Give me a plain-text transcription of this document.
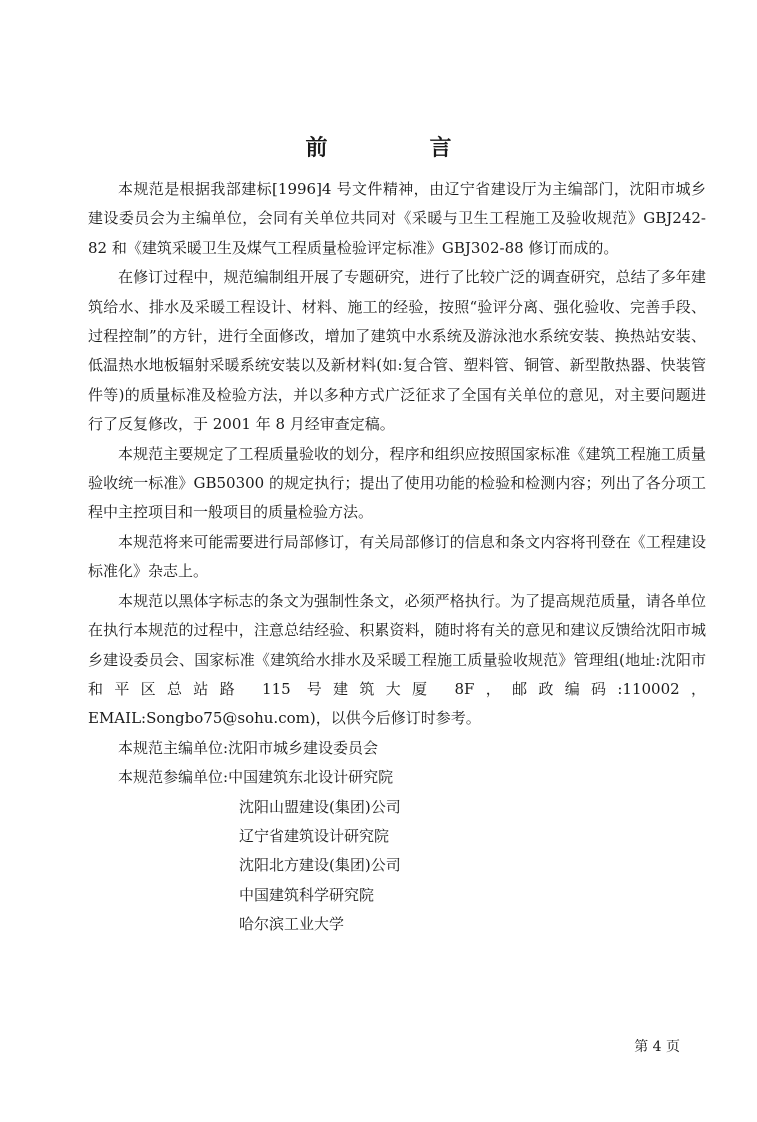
前　言

本规范是根据我部建标[1996]4 号文件精神，由辽宁省建设厅为主编部门，沈阳市城乡建设委员会为主编单位，会同有关单位共同对《采暖与卫生工程施工及验收规范》GBJ242-82 和《建筑采暖卫生及煤气工程质量检验评定标准》GBJ302-88 修订而成的。

在修订过程中，规范编制组开展了专题研究，进行了比较广泛的调查研究，总结了多年建筑给水、排水及采暖工程设计、材料、施工的经验，按照“验评分离、强化验收、完善手段、过程控制”的方针，进行全面修改，增加了建筑中水系统及游泳池水系统安装、换热站安装、低温热水地板辐射采暖系统安装以及新材料(如:复合管、塑料管、铜管、新型散热器、快装管件等)的质量标准及检验方法，并以多种方式广泛征求了全国有关单位的意见，对主要问题进行了反复修改，于 2001 年 8 月经审查定稿。

本规范主要规定了工程质量验收的划分，程序和组织应按照国家标准《建筑工程施工质量验收统一标准》GB50300 的规定执行；提出了使用功能的检验和检测内容；列出了各分项工程中主控项目和一般项目的质量检验方法。

本规范将来可能需要进行局部修订，有关局部修订的信息和条文内容将刊登在《工程建设标准化》杂志上。

本规范以黑体字标志的条文为强制性条文，必须严格执行。为了提高规范质量，请各单位在执行本规范的过程中，注意总结经验、积累资料，随时将有关的意见和建议反馈给沈阳市城乡建设委员会、国家标准《建筑给水排水及采暖工程施工质量验收规范》管理组(地址:沈阳市和平区总站路 115 号建筑大厦 8F，邮政编码:110002，EMAIL:Songbo75@sohu.com)，以供今后修订时参考。

本规范主编单位:沈阳市城乡建设委员会
本规范参编单位:中国建筑东北设计研究院
沈阳山盟建设(集团)公司
辽宁省建筑设计研究院
沈阳北方建设(集团)公司
中国建筑科学研究院
哈尔滨工业大学
第 4 页
